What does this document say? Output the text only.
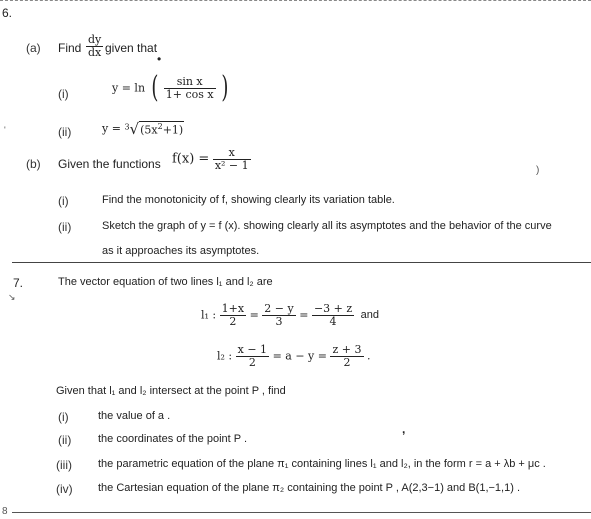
6.
(a) Find $\frac{dy}{dx}$ given that
•
(i)	y = ln ( $\frac{\text{sin x}}{\text{1+ cos x}}$ )
(ii)	$y = ^3√(5x^2+1)$
'
(b) Given the functions $f(x) = \frac{x}{\text{x² − 1}}$	)
(i)	Find the monotonicity of f, showing clearly its variation table.
(ii)	Sketch the graph of y = f (x). showing clearly all its asymptotes and the behavior of the curve
as it approaches its asymptotes.
7.
↘
The vector equation of two lines l₁ and l₂ are
l₁ : $\frac{1+x}{2} = \frac{2 - y}{3} = \frac{-3 + z}{4}$ and
l₂ : $\frac{x - 1}{2} = a - y = \frac{z + 3}{2}$ .
Given that l₁ and l₂ intersect at the point P , find
(i)	the value of a .
(ii) the coordinates of the point P .
,
(iii) the parametric equation of the plane π₁ containing lines l₁ and l₂, in the form r = a + λb + μc .
(iv) the Cartesian equation of the plane π₂ containing the point P , A(2,3−1) and B(1,−1,1) .
8
